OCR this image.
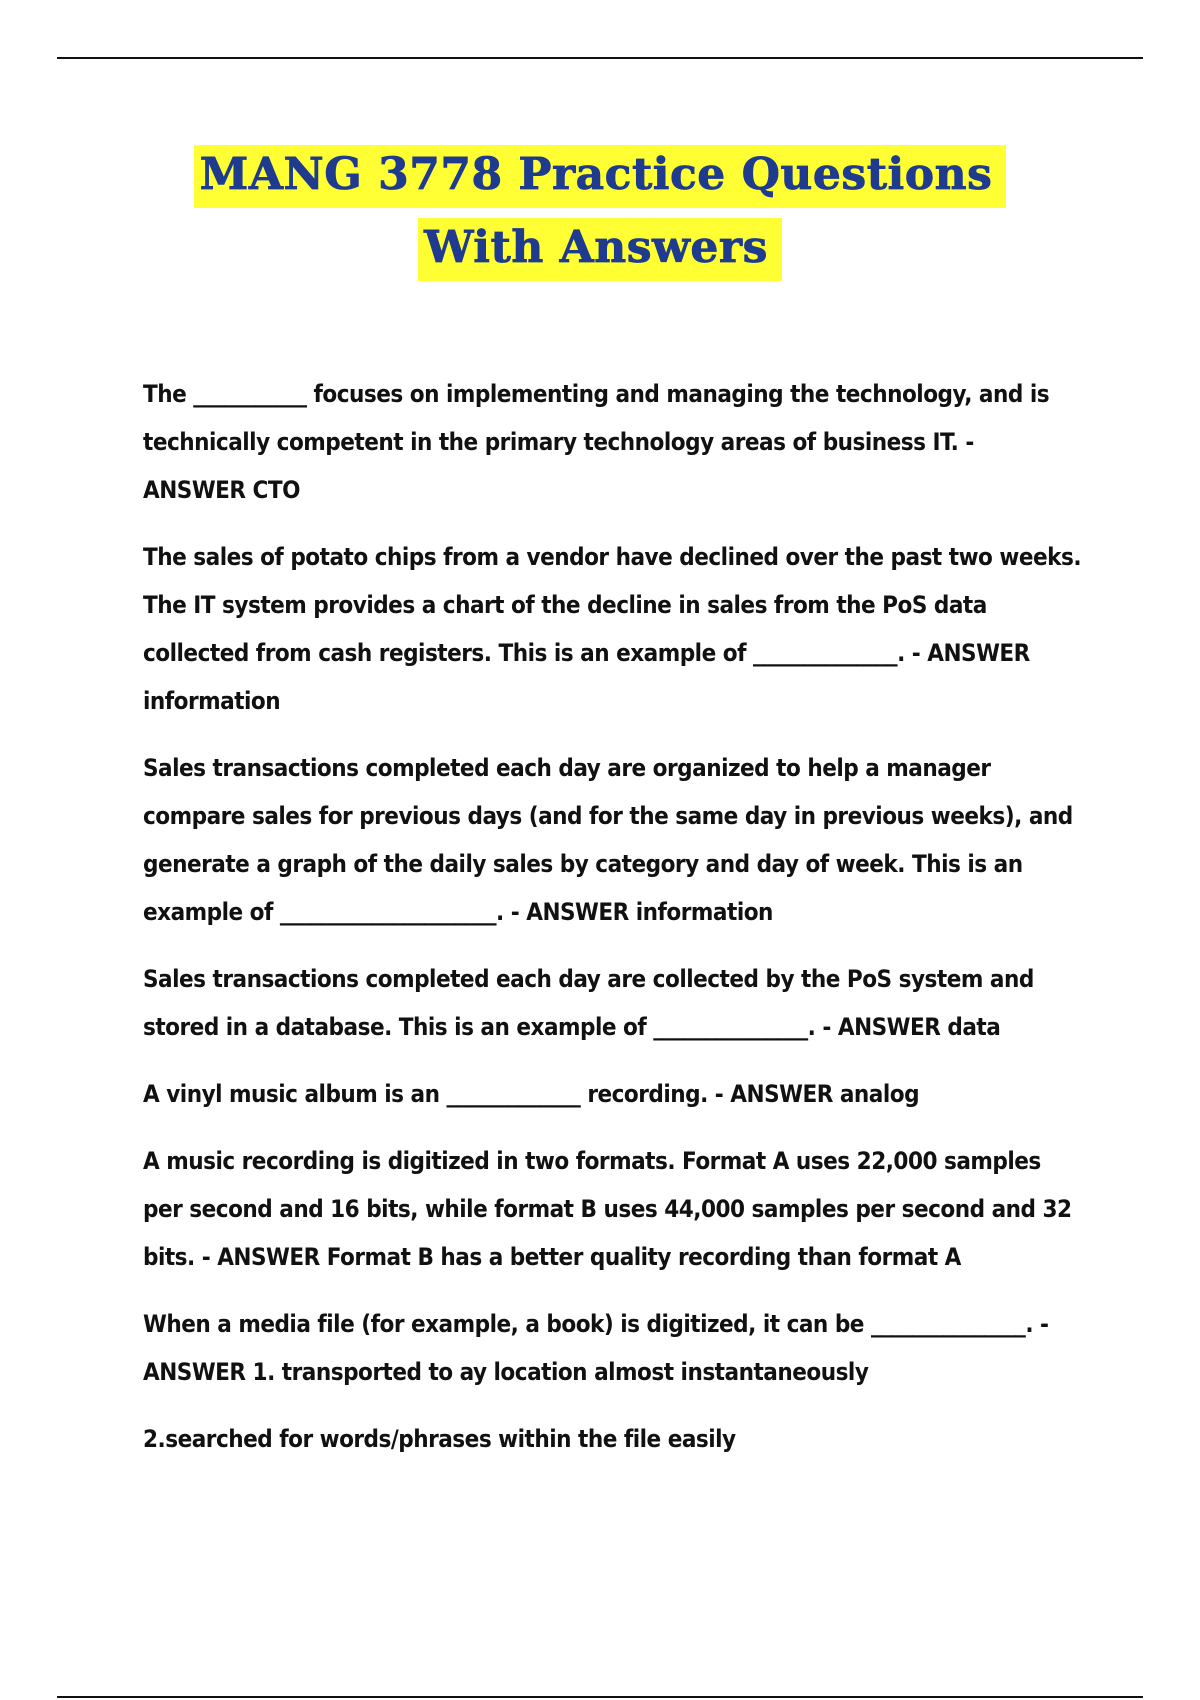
MANG 3778 Practice Questions
With Answers

The ___________ focuses on implementing and managing the technology, and is technically competent in the primary technology areas of business IT. - ANSWER CTO

The sales of potato chips from a vendor have declined over the past two weeks. The IT system provides a chart of the decline in sales from the PoS data collected from cash registers. This is an example of ______________. - ANSWER information

Sales transactions completed each day are organized to help a manager compare sales for previous days (and for the same day in previous weeks), and generate a graph of the daily sales by category and day of week. This is an example of _____________________. - ANSWER information

Sales transactions completed each day are collected by the PoS system and stored in a database. This is an example of _______________. - ANSWER data

A vinyl music album is an _____________ recording. - ANSWER analog

A music recording is digitized in two formats. Format A uses 22,000 samples per second and 16 bits, while format B uses 44,000 samples per second and 32 bits. - ANSWER Format B has a better quality recording than format A

When a media file (for example, a book) is digitized, it can be _______________. - ANSWER 1. transported to ay location almost instantaneously

2.searched for words/phrases within the file easily
